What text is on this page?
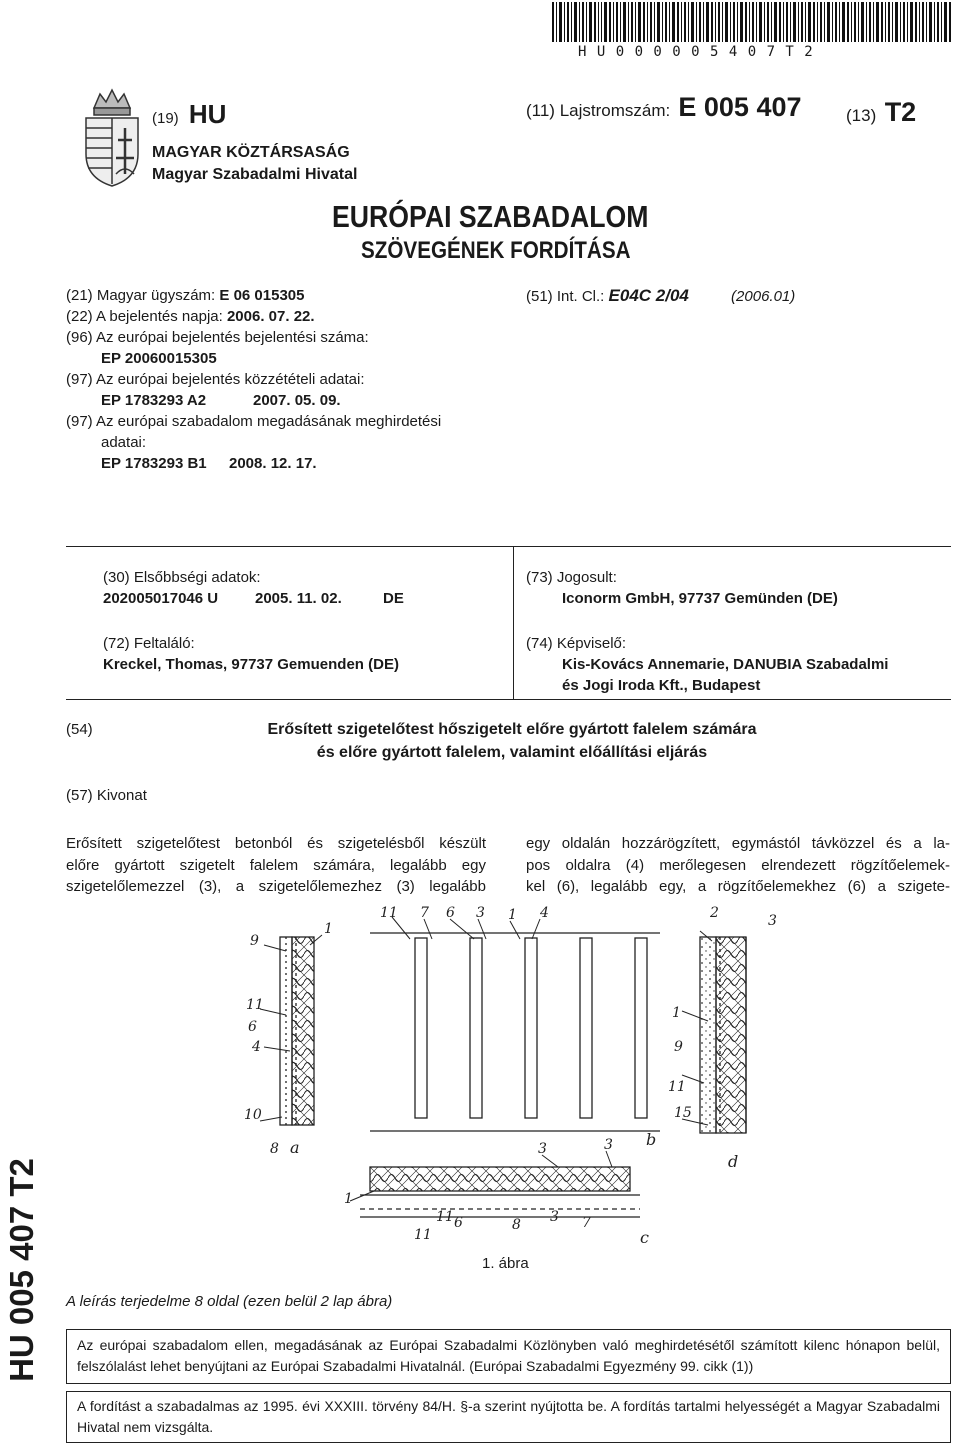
H U 0 0 0 0 0 5 4 0 7 T 2
(19) HU	(11) Lajstromszám: E 005 407	(13) T2
MAGYAR KÖZTÁRSASÁG
Magyar Szabadalmi Hivatal
EURÓPAI SZABADALOM
SZÖVEGÉNEK FORDÍTÁSA
(21) Magyar ügyszám: E 06 015305
(22) A bejelentés napja: 2006. 07. 22.
(96) Az európai bejelentés bejelentési száma:
EP 20060015305
(97) Az európai bejelentés közzétételi adatai:
EP 1783293 A2	2007. 05. 09.
(97) Az európai szabadalom megadásának meghirdetési
adatai:
EP 1783293 B1 2008. 12. 17.
(51) Int. Cl.: E04C 2/04	(2006.01)
(30) Elsőbbségi adatok:
202005017046 U 2005. 11. 02.	DE
(72) Feltaláló:
Kreckel, Thomas, 97737 Gemuenden (DE)
(73) Jogosult:
Iconorm GmbH, 97737 Gemünden (DE)
(74) Képviselő:
Kis-Kovács Annemarie, DANUBIA Szabadalmi
és Jogi Iroda Kft., Budapest
(54)	Erősített szigetelőtest hőszigetelt előre gyártott falelem számára
és előre gyártott falelem, valamint előállítási eljárás
(57) Kivonat
Erősített szigetelőtest betonból és szigetelésből készült
előre gyártott szigetelt falelem számára, legalább egy
szigetelőlemezzel (3), a szigetelőlemezhez (3) legalább
egy oldalán hozzárögzített, egymástól távközzel és a la-
pos oldalra (4) merőlegesen elrendezett rögzítőelemek-
kel (6), legalább egy, a rögzítőelemekhez (6) a szigete-
9
1
11
6
4
10
8 a
11 7 6 3 1 4
b
3	3
1
11 6	8 3 7
11	c
2	3
1
9
11
15
d
1. ábra
A leírás terjedelme 8 oldal (ezen belül 2 lap ábra)
HU 005 407 T2	Az európai szabadalom ellen, megadásának az Európai Szabadalmi Közlönyben való meghirdetésétől számított kilenc hónapon belül, felszólalást lehet benyújtani az Európai Szabadalmi Hivatalnál. (Európai Szabadalmi Egyezmény 99. cikk (1))
A fordítást a szabadalmas az 1995. évi XXXIII. törvény 84/H. §-a szerint nyújtotta be. A fordítás tartalmi helyességét a Magyar Szabadalmi Hivatal nem vizsgálta.
